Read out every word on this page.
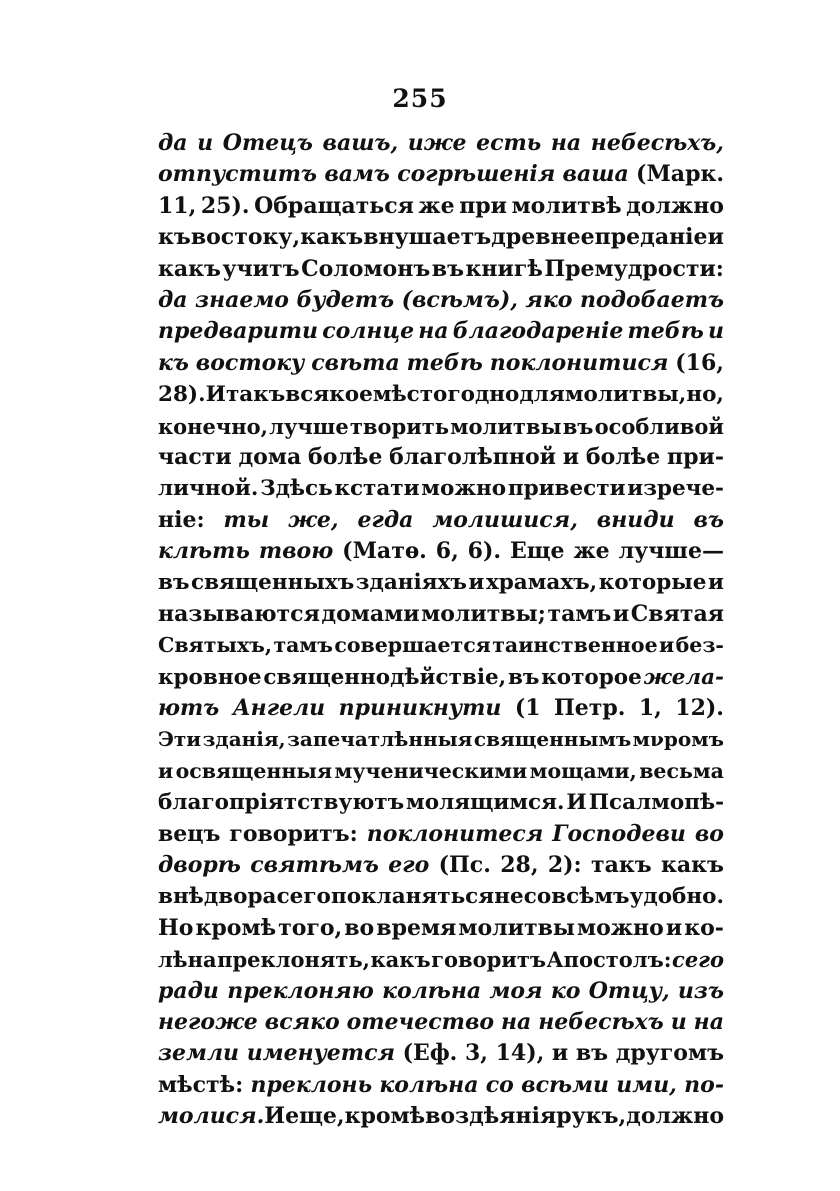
255
да и Отецъ вашъ, иже есть на небесѣхъ,
отпуститъ вамъ согрѣшенія ваша (Марк.
11, 25). Обращаться же при молитвѣ должно
къ востоку, какъ внушаетъ древнее преданіе и
какъ учитъ Соломонъ въ книгѣ Премудрости:
да знаемо будетъ (всѣмъ), яко подобаетъ
предварити солнце на благодареніе тебѣ и
къ востоку свѣта тебѣ поклонитися (16,
28). Итакъ всякое мѣсто годно для молитвы, но,
конечно, лучше творить молитвы въ особливой
части дома болѣе благолѣпной и болѣе при-
личной. Здѣсь кстати можно привести изрече-
ніе: ты же, егда молишися, вниди въ
клѣть твою (Матѳ. 6, 6). Еще же лучше—
въ священныхъ зданіяхъ и храмахъ, которые и
называются домами молитвы; тамъ и Святая
Святыхъ, тамъ совершается таинственное и без-
кровное священнодѣйствіе, въ которое жела-
ютъ Ангели приникнути (1 Петр. 1, 12).
Эти зданія, запечатлѣнныя священнымъ мνромъ
и освященныя мученическими мощами, весьма
благопріятствуютъ молящимся. И Псалмопѣ-
вецъ говоритъ: поклонитеся Господеви во
дворѣ святѣмъ его (Пс. 28, 2): такъ какъ
внѣ двора сего покланяться не совсѣмъ удобно.
Но кромѣ того, во время молитвы можно и ко-
лѣна преклонять, какъ говоритъ Апостолъ: сего
ради преклоняю колѣна моя ко Отцу, изъ
негоже всяко отечество на небесѣхъ и на
земли именуется (Еф. 3, 14), и въ другомъ
мѣстѣ: преклонь колѣна со всѣми ими, по-
молися. И еще, кромѣ воздѣянія рукъ, должно
